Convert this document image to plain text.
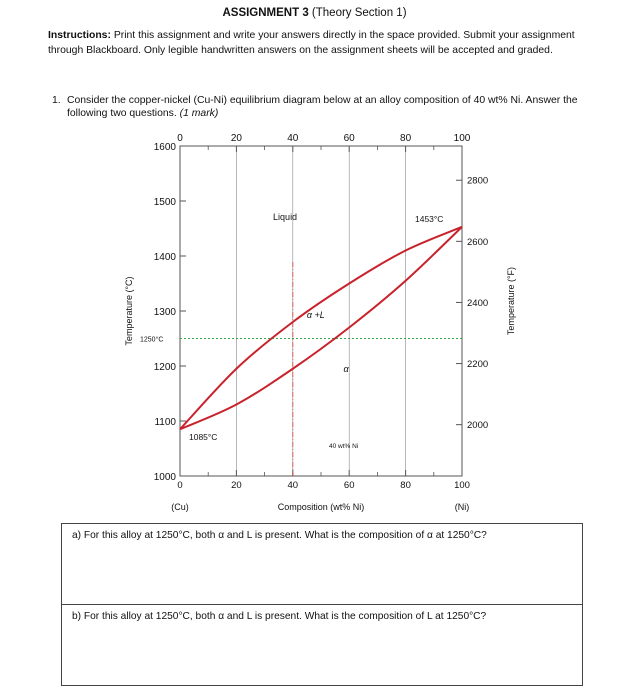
ASSIGNMENT 3 (Theory Section 1)
Instructions: Print this assignment and write your answers directly in the space provided. Submit your assignment through Blackboard. Only legible handwritten answers on the assignment sheets will be accepted and graded.
1. Consider the copper-nickel (Cu-Ni) equilibrium diagram below at an alloy composition of 40 wt% Ni. Answer the following two questions. (1 mark)
0	20	40	60	80	100
0	20	40	60	80	100
1600
1500
1400
1300
1200
1100
1000
2800
2600
2400
2200
2000
Temperature (°C)	Temperature (°F)
Composition (wt% Ni)
(Cu)	(Ni)
1250°C
Liquid
α +L
α
1453°C
1085°C
40 wt% Ni
a) For this alloy at 1250°C, both α and L is present. What is the composition of α at 1250°C?
b) For this alloy at 1250°C, both α and L is present. What is the composition of L at 1250°C?
